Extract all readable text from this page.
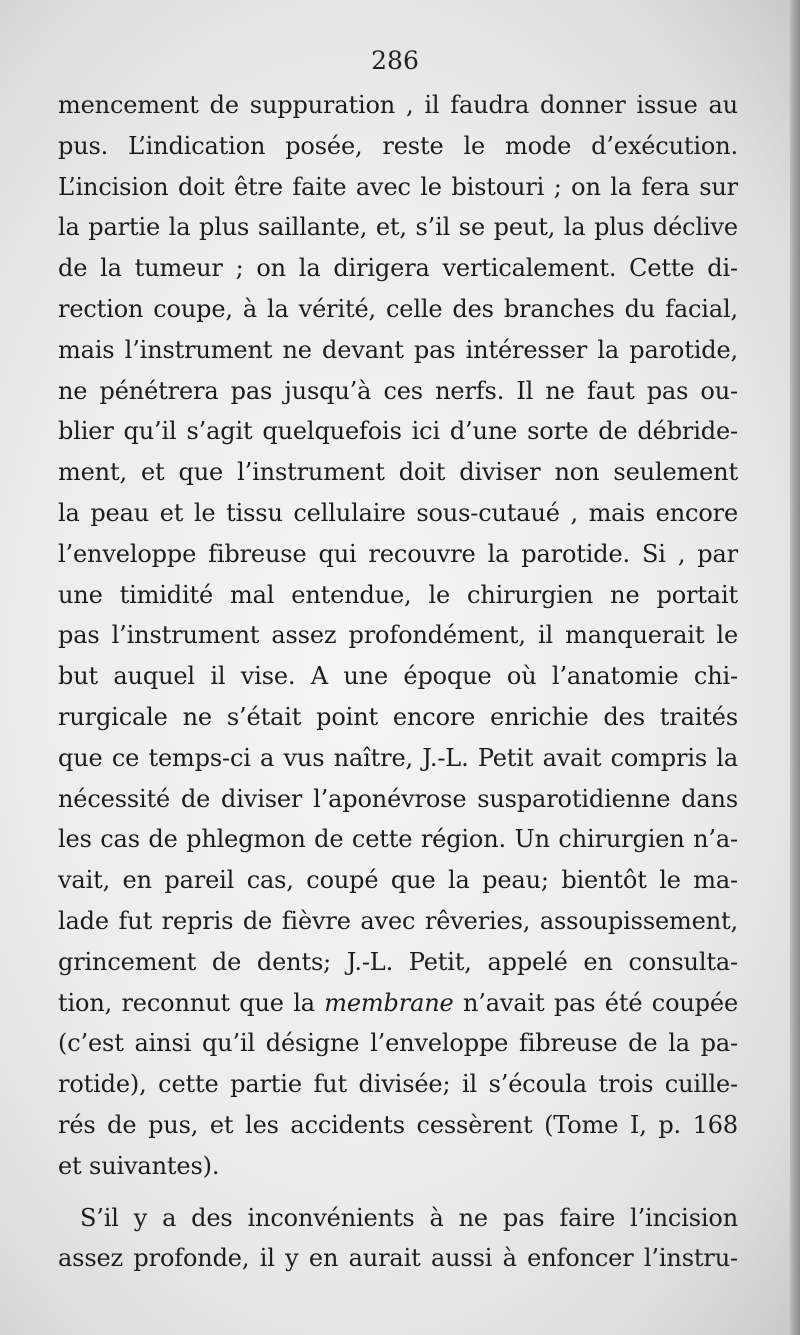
286
mencement de suppuration , il faudra donner issue au
pus. L’indication posée, reste le mode d’exécution.
L’incision doit être faite avec le bistouri ; on la fera sur
la partie la plus saillante, et, s’il se peut, la plus déclive
de la tumeur ; on la dirigera verticalement. Cette di-
rection coupe, à la vérité, celle des branches du facial,
mais l’instrument ne devant pas intéresser la parotide,
ne pénétrera pas jusqu’à ces nerfs. Il ne faut pas ou-
blier qu’il s’agit quelquefois ici d’une sorte de débride-
ment, et que l’instrument doit diviser non seulement
la peau et le tissu cellulaire sous-cutaué , mais encore
l’enveloppe fibreuse qui recouvre la parotide. Si , par
une timidité mal entendue, le chirurgien ne portait
pas l’instrument assez profondément, il manquerait le
but auquel il vise. A une époque où l’anatomie chi-
rurgicale ne s’était point encore enrichie des traités
que ce temps-ci a vus naître, J.-L. Petit avait compris la
nécessité de diviser l’aponévrose susparotidienne dans
les cas de phlegmon de cette région. Un chirurgien n’a-
vait, en pareil cas, coupé que la peau; bientôt le ma-
lade fut repris de fièvre avec rêveries, assoupissement,
grincement de dents; J.-L. Petit, appelé en consulta-
tion, reconnut que la membrane n’avait pas été coupée
(c’est ainsi qu’il désigne l’enveloppe fibreuse de la pa-
rotide), cette partie fut divisée; il s’écoula trois cuille-
rés de pus, et les accidents cessèrent (Tome I, p. 168
et suivantes).
S’il y a des inconvénients à ne pas faire l’incision
assez profonde, il y en aurait aussi à enfoncer l’instru-
